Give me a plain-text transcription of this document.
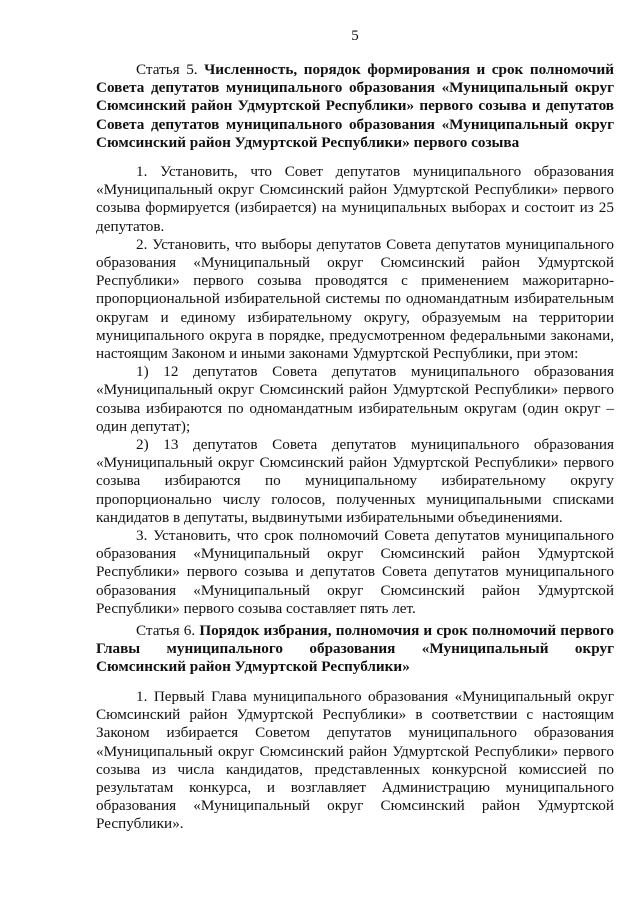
5

Статья 5. Численность, порядок формирования и срок полномочий Совета депутатов муниципального образования «Муниципальный округ Сюмсинский район Удмуртской Республики» первого созыва и депутатов Совета депутатов муниципального образования «Муниципальный округ Сюмсинский район Удмуртской Республики» первого созыва

1. Установить, что Совет депутатов муниципального образования «Муниципальный округ Сюмсинский район Удмуртской Республики» первого созыва формируется (избирается) на муниципальных выборах и состоит из 25 депутатов.

2. Установить, что выборы депутатов Совета депутатов муниципального образования «Муниципальный округ Сюмсинский район Удмуртской Республики» первого созыва проводятся с применением мажоритарно-пропорциональной избирательной системы по одномандатным избирательным округам и единому избирательному округу, образуемым на территории муниципального округа в порядке, предусмотренном федеральными законами, настоящим Законом и иными законами Удмуртской Республики, при этом:

1) 12 депутатов Совета депутатов муниципального образования «Муниципальный округ Сюмсинский район Удмуртской Республики» первого созыва избираются по одномандатным избирательным округам (один округ – один депутат);

2) 13 депутатов Совета депутатов муниципального образования «Муниципальный округ Сюмсинский район Удмуртской Республики» первого созыва избираются по муниципальному избирательному округу пропорционально числу голосов, полученных муниципальными списками кандидатов в депутаты, выдвинутыми избирательными объединениями.

3. Установить, что срок полномочий Совета депутатов муниципального образования «Муниципальный округ Сюмсинский район Удмуртской Республики» первого созыва и депутатов Совета депутатов муниципального образования «Муниципальный округ Сюмсинский район Удмуртской Республики» первого созыва составляет пять лет.

Статья 6. Порядок избрания, полномочия и срок полномочий первого Главы муниципального образования «Муниципальный округ Сюмсинский район Удмуртской Республики»

1. Первый Глава муниципального образования «Муниципальный округ Сюмсинский район Удмуртской Республики» в соответствии с настоящим Законом избирается Советом депутатов муниципального образования «Муниципальный округ Сюмсинский район Удмуртской Республики» первого созыва из числа кандидатов, представленных конкурсной комиссией по результатам конкурса, и возглавляет Администрацию муниципального образования «Муниципальный округ Сюмсинский район Удмуртской Республики».
